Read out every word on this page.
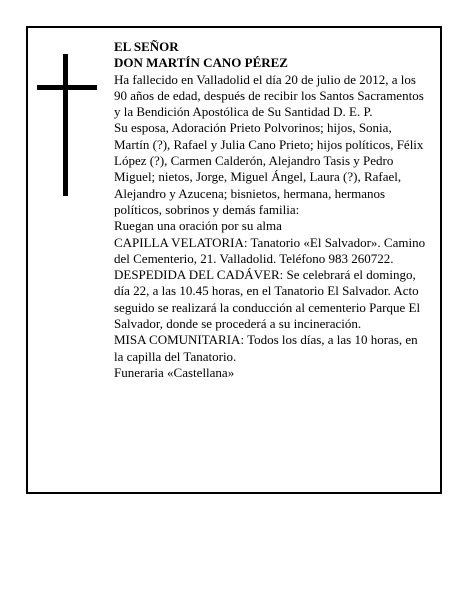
EL SEÑOR

DON MARTÍN CANO PÉREZ

Ha fallecido en Valladolid el día 20 de julio de 2012, a los 90 años de edad, después de recibir los Santos Sacramentos y la Bendición Apostólica de Su Santidad D. E. P.

Su esposa, Adoración Prieto Polvorinos; hijos, Sonia, Martín (?), Rafael y Julia Cano Prieto; hijos políticos, Félix López (?), Carmen Calderón, Alejandro Tasis y Pedro Miguel; nietos, Jorge, Miguel Ángel, Laura (?), Rafael, Alejandro y Azucena; bisnietos, hermana, hermanos políticos, sobrinos y demás familia:

Ruegan una oración por su alma

CAPILLA VELATORIA: Tanatorio «El Salvador». Camino del Cementerio, 21. Valladolid. Teléfono 983 260722.

DESPEDIDA DEL CADÁVER: Se celebrará el domingo, día 22, a las 10.45 horas, en el Tanatorio El Salvador. Acto seguido se realizará la conducción al cementerio Parque El Salvador, donde se procederá a su incineración.

MISA COMUNITARIA: Todos los días, a las 10 horas, en la capilla del Tanatorio.

Funeraria «Castellana»
